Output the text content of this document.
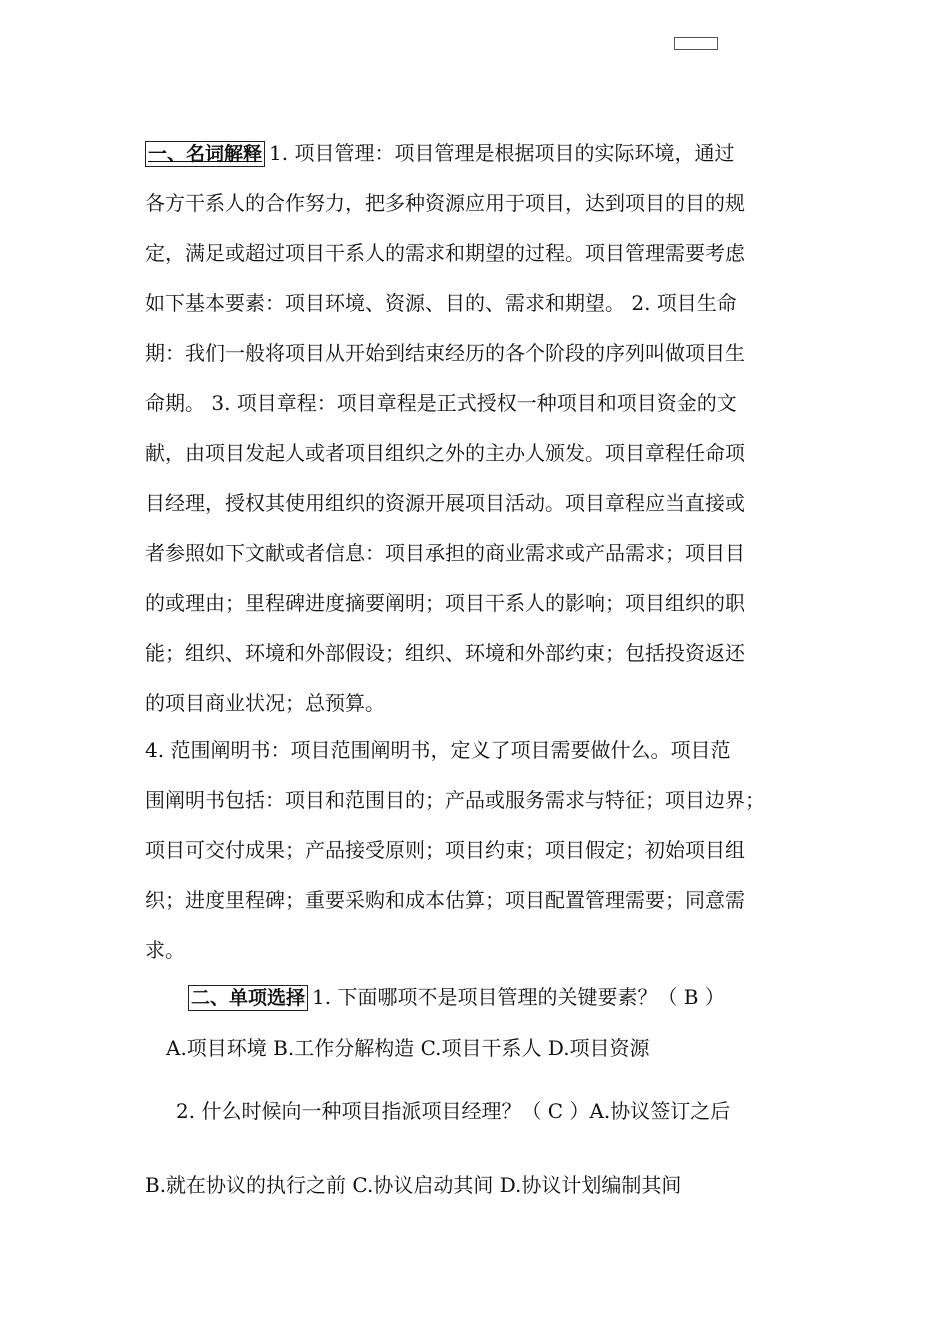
一、名词解释 1. 项目管理：项目管理是根据项目的实际环境，通过
各方干系人的合作努力，把多种资源应用于项目，达到项目的目的规
定，满足或超过项目干系人的需求和期望的过程。项目管理需要考虑
如下基本要素：项目环境、资源、目的、需求和期望。 2. 项目生命
期：我们一般将项目从开始到结束经历的各个阶段的序列叫做项目生
命期。 3. 项目章程：项目章程是正式授权一种项目和项目资金的文
献，由项目发起人或者项目组织之外的主办人颁发。项目章程任命项
目经理，授权其使用组织的资源开展项目活动。项目章程应当直接或
者参照如下文献或者信息：项目承担的商业需求或产品需求；项目目
的或理由；里程碑进度摘要阐明；项目干系人的影响；项目组织的职
能；组织、环境和外部假设；组织、环境和外部约束；包括投资返还
的项目商业状况；总预算。
4. 范围阐明书：项目范围阐明书，定义了项目需要做什么。项目范
围阐明书包括：项目和范围目的；产品或服务需求与特征；项目边界；
项目可交付成果；产品接受原则；项目约束；项目假定；初始项目组
织；进度里程碑；重要采购和成本估算；项目配置管理需要；同意需
求。
二、单项选择 1. 下面哪项不是项目管理的关键要素？（ B ）
A.项目环境 B.工作分解构造 C.项目干系人 D.项目资源
2. 什么时候向一种项目指派项目经理？（ C ）A.协议签订之后
B.就在协议的执行之前 C.协议启动其间 D.协议计划编制其间
